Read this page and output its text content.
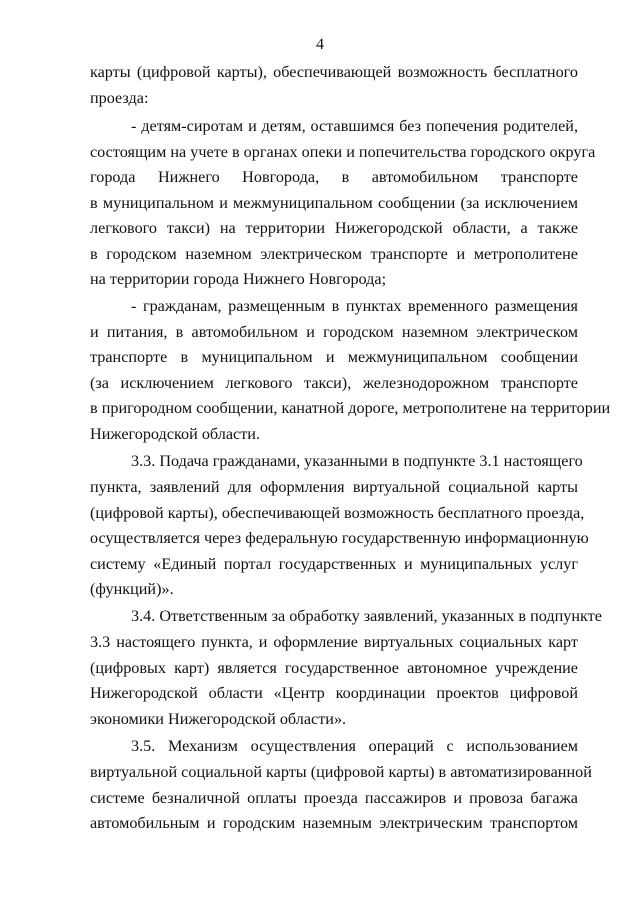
4
карты (цифровой карты), обеспечивающей возможность бесплатного
проезда:
- детям-сиротам и детям, оставшимся без попечения родителей,
состоящим на учете в органах опеки и попечительства городского округа
города Нижнего Новгорода, в автомобильном транспорте
в муниципальном и межмуниципальном сообщении (за исключением
легкового такси) на территории Нижегородской области, а также
в городском наземном электрическом транспорте и метрополитене
на территории города Нижнего Новгорода;
- гражданам, размещенным в пунктах временного размещения
и питания, в автомобильном и городском наземном электрическом
транспорте в муниципальном и межмуниципальном сообщении
(за исключением легкового такси), железнодорожном транспорте
в пригородном сообщении, канатной дороге, метрополитене на территории
Нижегородской области.
3.3. Подача гражданами, указанными в подпункте 3.1 настоящего
пункта, заявлений для оформления виртуальной социальной карты
(цифровой карты), обеспечивающей возможность бесплатного проезда,
осуществляется через федеральную государственную информационную
систему «Единый портал государственных и муниципальных услуг
(функций)».
3.4. Ответственным за обработку заявлений, указанных в подпункте
3.3 настоящего пункта, и оформление виртуальных социальных карт
(цифровых карт) является государственное автономное учреждение
Нижегородской области «Центр координации проектов цифровой
экономики Нижегородской области».
3.5. Механизм осуществления операций с использованием
виртуальной социальной карты (цифровой карты) в автоматизированной
системе безналичной оплаты проезда пассажиров и провоза багажа
автомобильным и городским наземным электрическим транспортом
